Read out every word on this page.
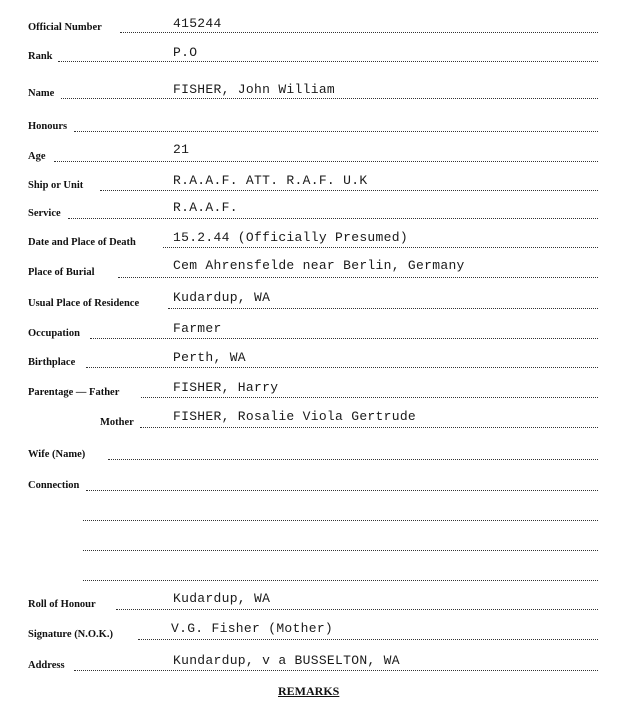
Official Number	415244
Rank	P.O
Name	FISHER, John William
Honours
Age	21
Ship or Unit	R.A.A.F. ATT. R.A.F. U.K
Service	R.A.A.F.
Date and Place of Death	15.2.44 (Officially Presumed)
Place of Burial	Cem Ahrensfelde near Berlin, Germany
Usual Place of Residence	Kudardup, WA
Occupation	Farmer
Birthplace	Perth, WA
Parentage — Father	FISHER, Harry
Mother	FISHER, Rosalie Viola Gertrude
Wife (Name)
Connection
Roll of Honour	Kudardup, WA
Signature (N.O.K.)	V.G. Fisher (Mother)
Address	Kundardup, v a BUSSELTON, WA
REMARKS
